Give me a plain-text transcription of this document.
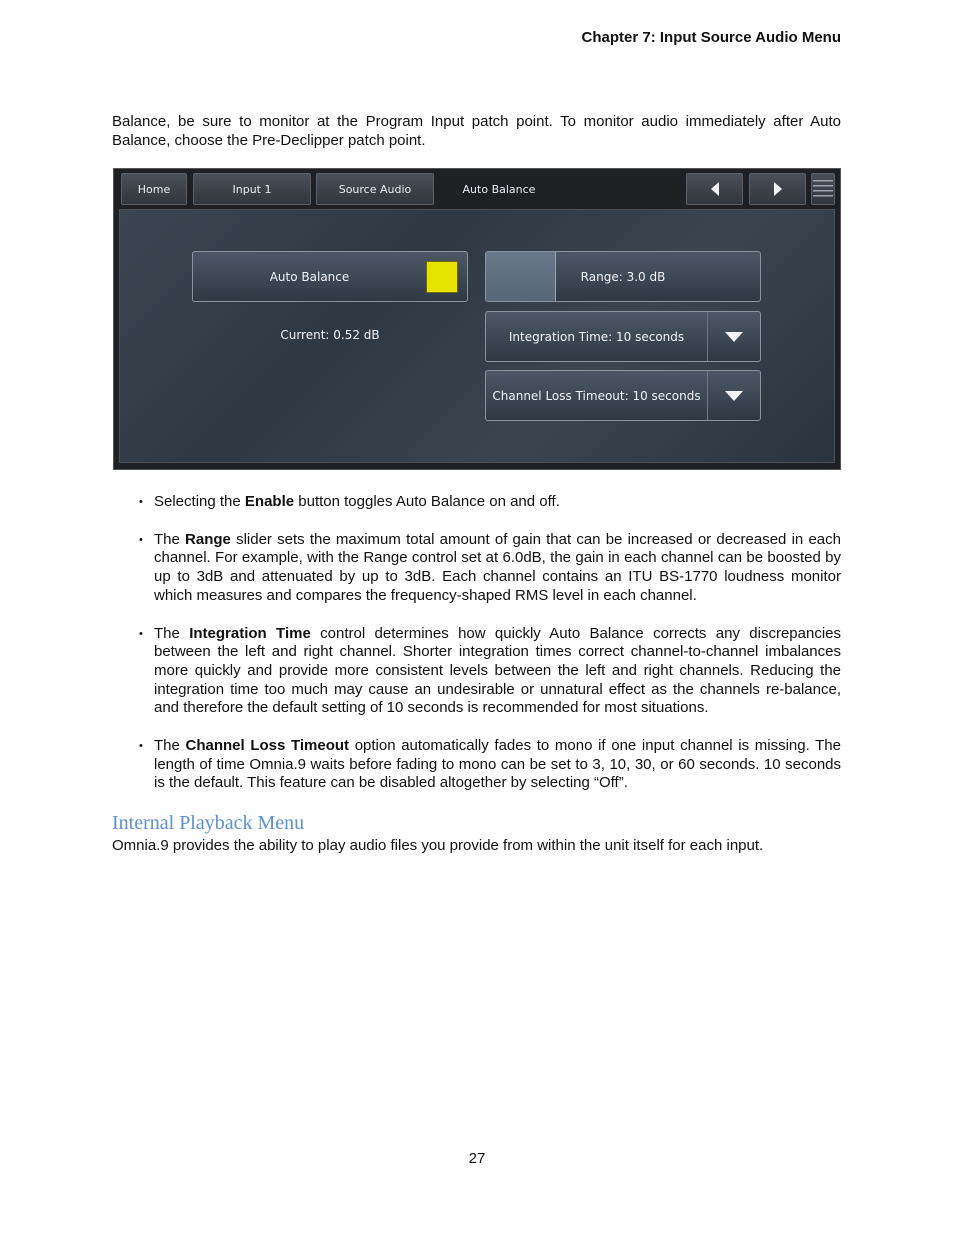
Chapter 7: Input Source Audio Menu

Balance, be sure to monitor at the Program Input patch point. To monitor audio immediately after Auto Balance, choose the Pre-Declipper patch point.

Home	Input 1	Source Audio	Auto Balance
Auto Balance
Current: 0.52 dB
Range: 3.0 dB
Integration Time: 10 seconds
Channel Loss Timeout: 10 seconds
• Selecting the Enable button toggles Auto Balance on and off.
• The Range slider sets the maximum total amount of gain that can be increased or decreased in each channel. For example, with the Range control set at 6.0dB, the gain in each channel can be boosted by up to 3dB and attenuated by up to 3dB. Each channel contains an ITU BS-1770 loudness monitor which measures and compares the frequency-shaped RMS level in each channel.
• The Integration Time control determines how quickly Auto Balance corrects any discrepancies between the left and right channel. Shorter integration times correct channel-to-channel imbalances more quickly and provide more consistent levels between the left and right channels. Reducing the integration time too much may cause an undesirable or unnatural effect as the channels re-balance, and therefore the default setting of 10 seconds is recommended for most situations.
• The Channel Loss Timeout option automatically fades to mono if one input channel is missing. The length of time Omnia.9 waits before fading to mono can be set to 3, 10, 30, or 60 seconds. 10 seconds is the default. This feature can be disabled altogether by selecting “Off”.
Internal Playback Menu

Omnia.9 provides the ability to play audio files you provide from within the unit itself for each input.

27
